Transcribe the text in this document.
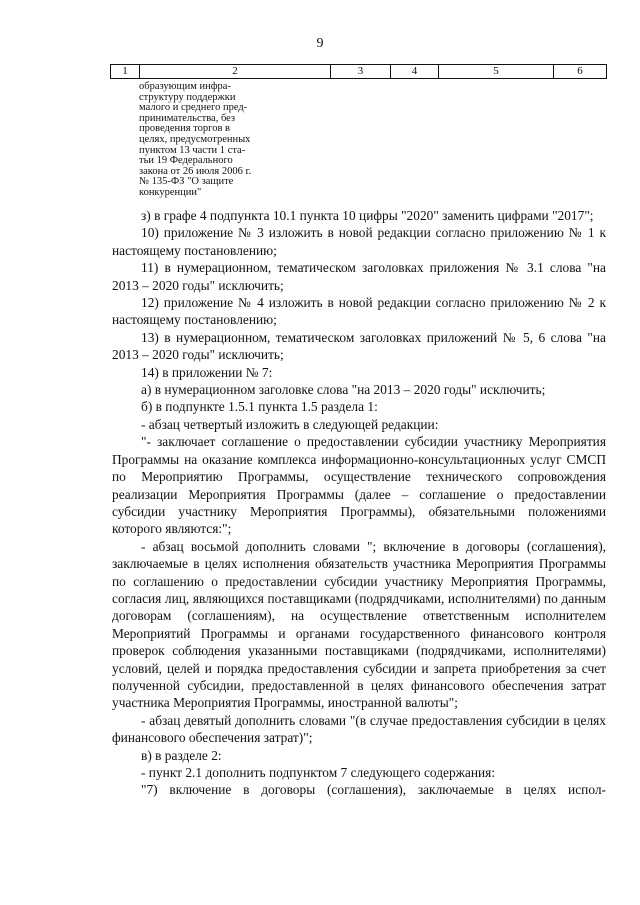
9
1	2	3	4	5	6
образующим инфра-
структуру поддержки
малого и среднего пред-
принимательства, без
проведения торгов в
целях, предусмотренных
пунктом 13 части 1 ста-
тьи 19 Федерального
закона от 26 июля 2006 г.
№ 135-ФЗ "О защите
конкуренции"

з) в графе 4 подпункта 10.1 пункта 10 цифры "2020" заменить цифрами "2017";

10) приложение № 3 изложить в новой редакции согласно приложению № 1 к настоящему постановлению;

11) в нумерационном, тематическом заголовках приложения № 3.1 слова "на 2013 – 2020 годы" исключить;

12) приложение № 4 изложить в новой редакции согласно приложению № 2 к настоящему постановлению;

13) в нумерационном, тематическом заголовках приложений № 5, 6 слова "на 2013 – 2020 годы" исключить;

14) в приложении № 7:

а) в нумерационном заголовке слова "на 2013 – 2020 годы" исключить;

б) в подпункте 1.5.1 пункта 1.5 раздела 1:

- абзац четвертый изложить в следующей редакции:

"- заключает соглашение о предоставлении субсидии участнику Мероприятия Программы на оказание комплекса информационно-консультационных услуг СМСП по Мероприятию Программы, осуществление технического сопровождения реализации Мероприятия Программы (далее – соглашение о предоставлении субсидии участнику Мероприятия Программы), обязательными положениями которого являются:";

- абзац восьмой дополнить словами "; включение в договоры (соглашения), заключаемые в целях исполнения обязательств участника Мероприятия Программы по соглашению о предоставлении субсидии участнику Мероприятия Программы, согласия лиц, являющихся поставщиками (подрядчиками, исполнителями) по данным договорам (соглашениям), на осуществление ответственным исполнителем Мероприятий Программы и органами государственного финансового контроля проверок соблюдения указанными поставщиками (подрядчиками, исполнителями) условий, целей и порядка предоставления субсидии и запрета приобретения за счет полученной субсидии, предоставленной в целях финансового обеспечения затрат участника Мероприятия Программы, иностранной валюты";

- абзац девятый дополнить словами "(в случае предоставления субсидии в целях финансового обеспечения затрат)";

в) в разделе 2:

- пункт 2.1 дополнить подпунктом 7 следующего содержания:

"7) включение в договоры (соглашения), заключаемые в целях испол-
